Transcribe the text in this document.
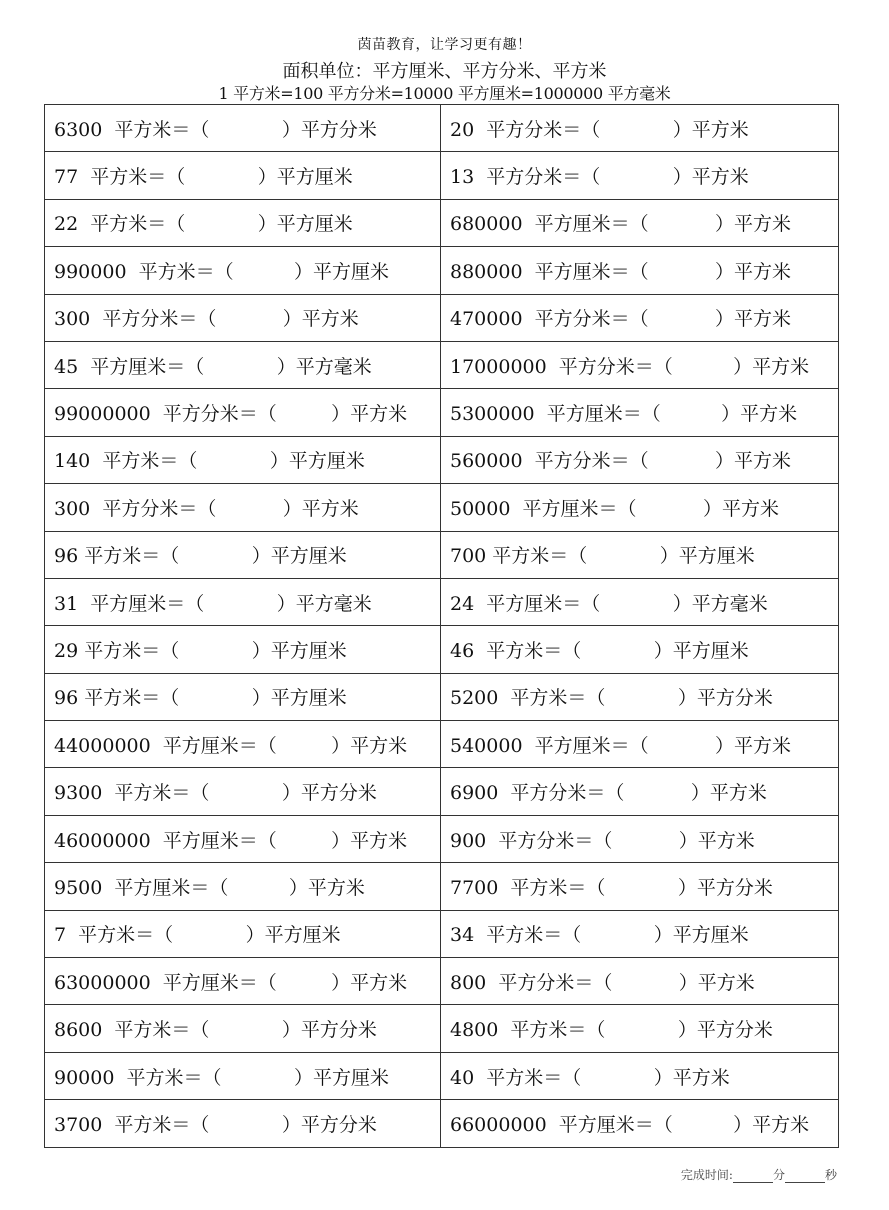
茵苗教育，让学习更有趣！
面积单位：平方厘米、平方分米、平方米
1 平方米=100 平方分米=10000 平方厘米=1000000 平方毫米
6300  平方米＝（            ）平方分米	20  平方分米＝（            ）平方米
77  平方米＝（            ）平方厘米	13  平方分米＝（            ）平方米
22  平方米＝（            ）平方厘米	680000  平方厘米＝（           ）平方米
990000  平方米＝（          ）平方厘米	880000  平方厘米＝（           ）平方米
300  平方分米＝（           ）平方米	470000  平方分米＝（           ）平方米
45  平方厘米＝（            ）平方毫米	17000000  平方分米＝（          ）平方米
99000000  平方分米＝（         ）平方米	5300000  平方厘米＝（          ）平方米
140  平方米＝（            ）平方厘米	560000  平方分米＝（           ）平方米
300  平方分米＝（           ）平方米	50000  平方厘米＝（           ）平方米
96 平方米＝（            ）平方厘米	700 平方米＝（            ）平方厘米
31  平方厘米＝（            ）平方毫米	24  平方厘米＝（            ）平方毫米
29 平方米＝（            ）平方厘米	46  平方米＝（            ）平方厘米
96 平方米＝（            ）平方厘米	5200  平方米＝（            ）平方分米
44000000  平方厘米＝（         ）平方米	540000  平方厘米＝（           ）平方米
9300  平方米＝（            ）平方分米	6900  平方分米＝（           ）平方米
46000000  平方厘米＝（         ）平方米	900  平方分米＝（           ）平方米
9500  平方厘米＝（          ）平方米	7700  平方米＝（            ）平方分米
7  平方米＝（            ）平方厘米	34  平方米＝（            ）平方厘米
63000000  平方厘米＝（         ）平方米	800  平方分米＝（           ）平方米
8600  平方米＝（            ）平方分米	4800  平方米＝（            ）平方分米
90000  平方米＝（            ）平方厘米	40  平方米＝（            ）平方米
3700  平方米＝（            ）平方分米	66000000  平方厘米＝（          ）平方米
完成时间:	分	秒
